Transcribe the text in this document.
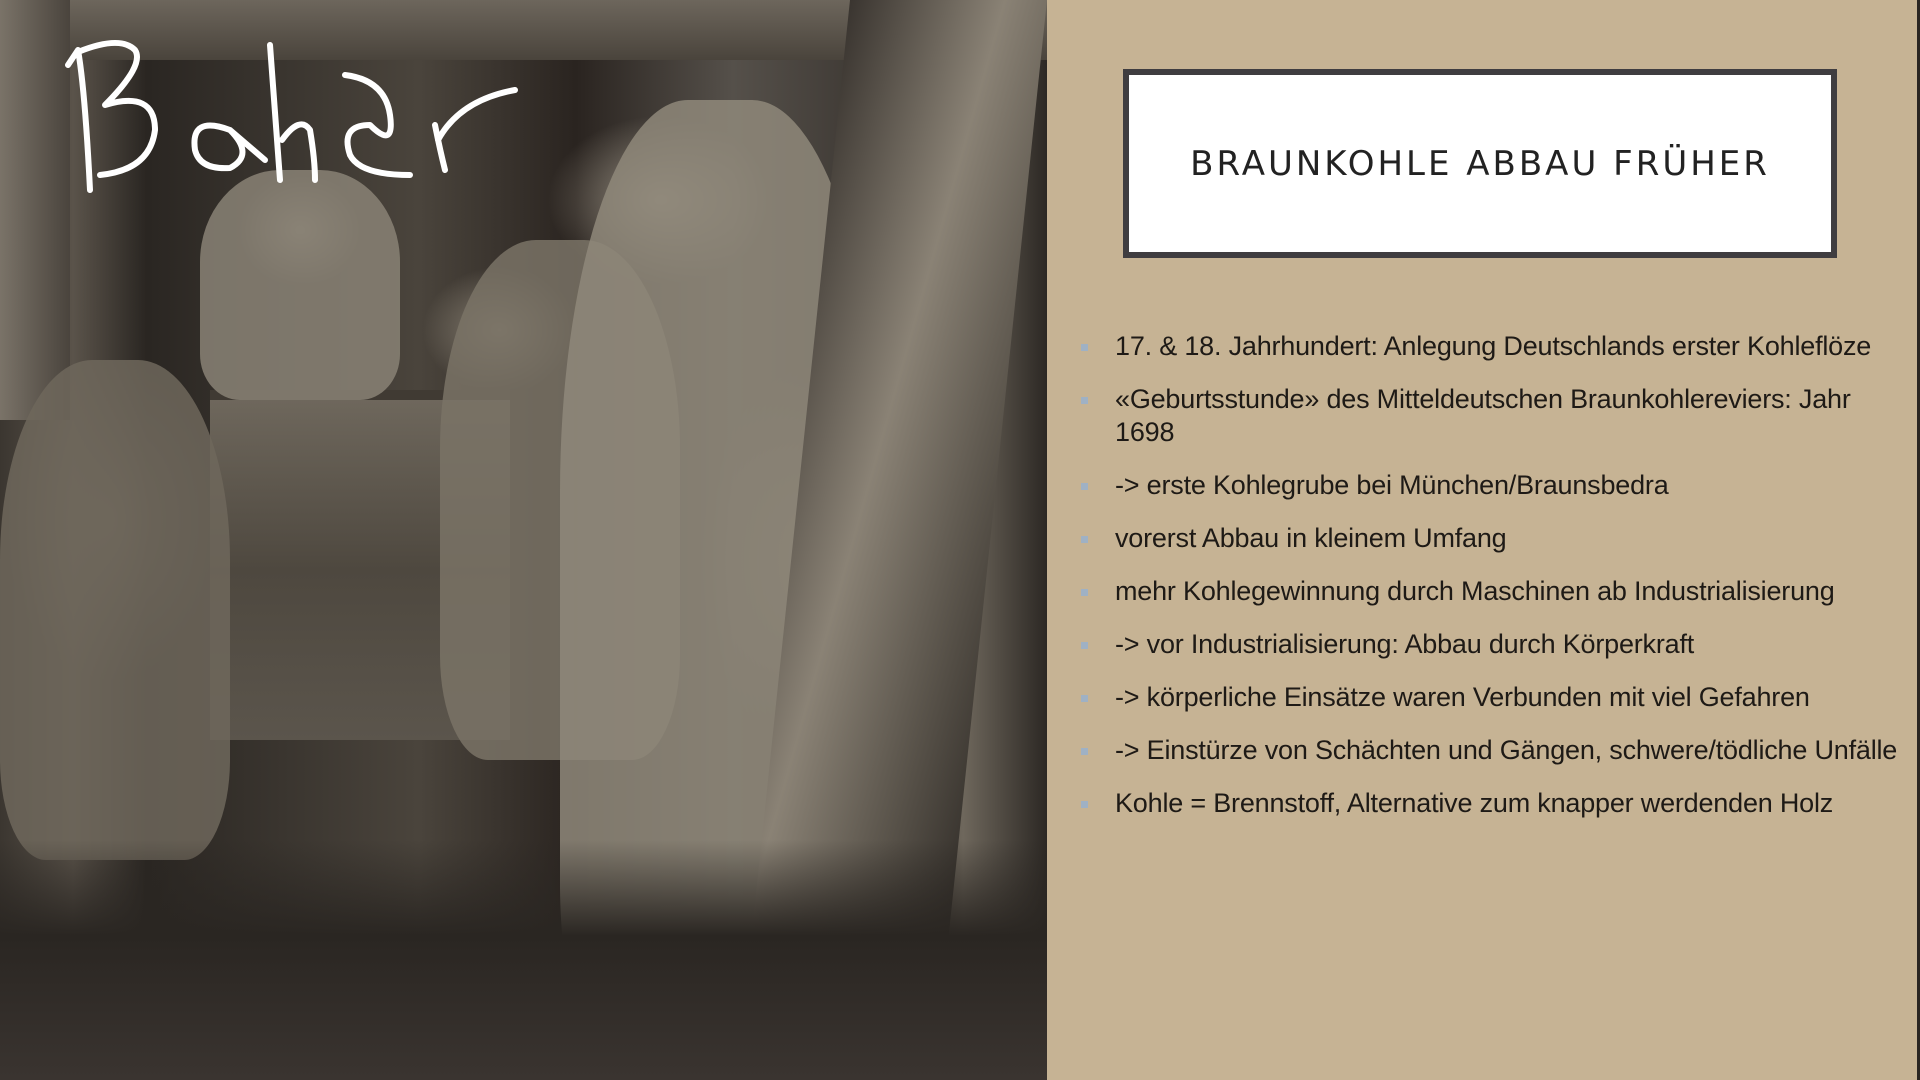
BRAUNKOHLE ABBAU FRÜHER
17. & 18. Jahrhundert: Anlegung Deutschlands erster Kohleflöze
«Geburtsstunde» des Mitteldeutschen Braunkohlereviers: Jahr 1698
-> erste Kohlegrube bei München/Braunsbedra
vorerst Abbau in kleinem Umfang
mehr Kohlegewinnung durch Maschinen ab Industrialisierung
-> vor Industrialisierung: Abbau durch Körperkraft
-> körperliche Einsätze waren Verbunden mit viel Gefahren
-> Einstürze von Schächten und Gängen, schwere/tödliche Unfälle
Kohle = Brennstoff, Alternative zum knapper werdenden Holz
